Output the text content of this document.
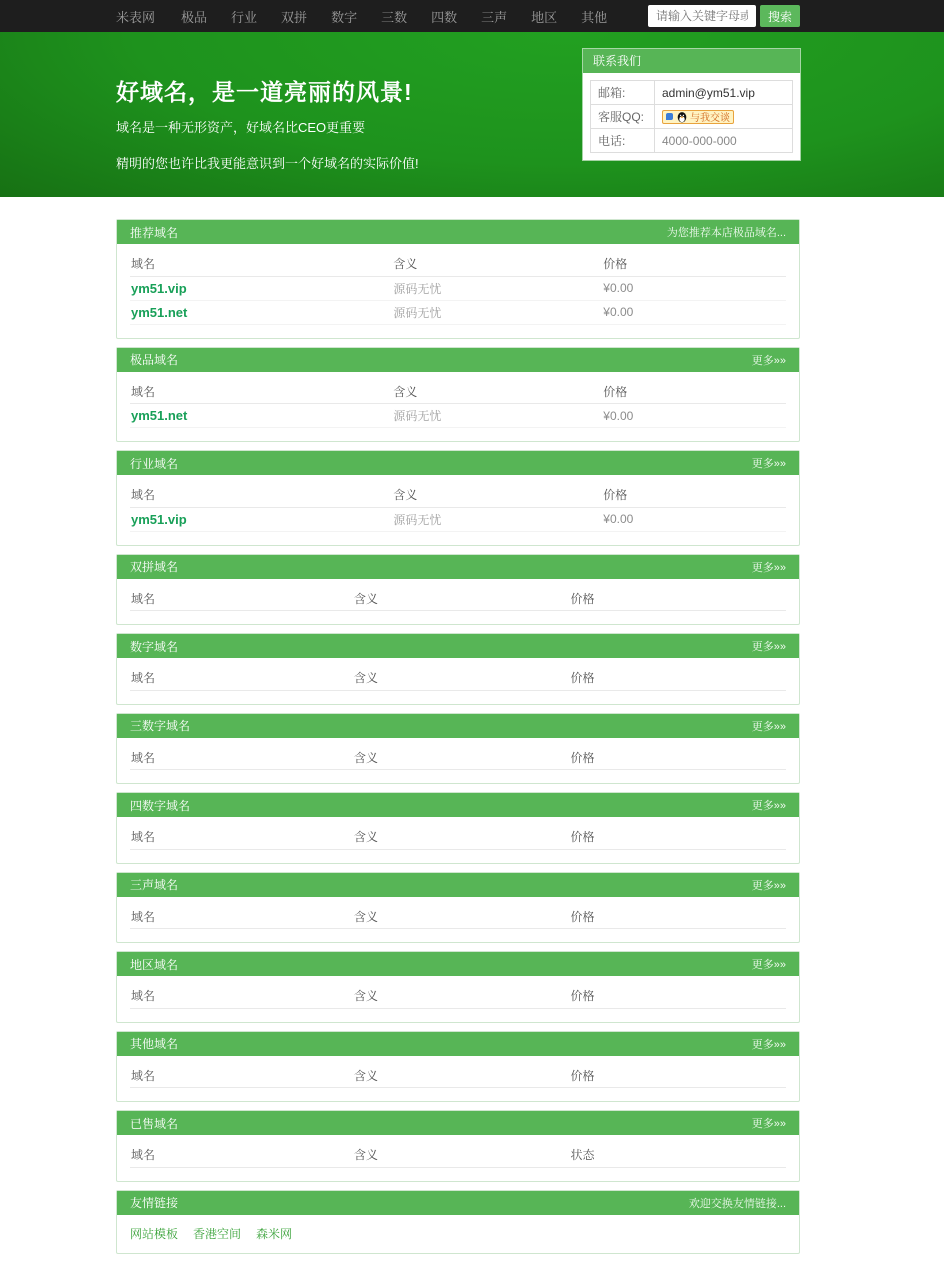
米表网	极品	行业	双拼	数字	三数	四数	三声	地区	其他
请输入关键字母或数字	搜索
好域名，是一道亮丽的风景!

域名是一种无形资产，好域名比CEO更重要

精明的您也许比我更能意识到一个好域名的实际价值!

联系我们
邮箱:	admin@ym51.vip
客服QQ:	与我交谈

电话:	4000-000-000
推荐域名	为您推荐本店极品域名...
域名	含义	价格
ym51.vip	源码无忧	¥0.00
ym51.net	源码无忧	¥0.00
极品域名	更多»»
域名	含义	价格
ym51.net	源码无忧	¥0.00
行业域名	更多»»
域名	含义	价格
ym51.vip	源码无忧	¥0.00
双拼域名	更多»»
域名	含义	价格
数字域名	更多»»
域名	含义	价格
三数字域名	更多»»
域名	含义	价格
四数字域名	更多»»
域名	含义	价格
三声域名	更多»»
域名	含义	价格
地区域名	更多»»
域名	含义	价格
其他域名	更多»»
域名	含义	价格
已售域名	更多»»
域名	含义	状态
友情链接	欢迎交换友情链接...
网站模板 香港空间 森米网
